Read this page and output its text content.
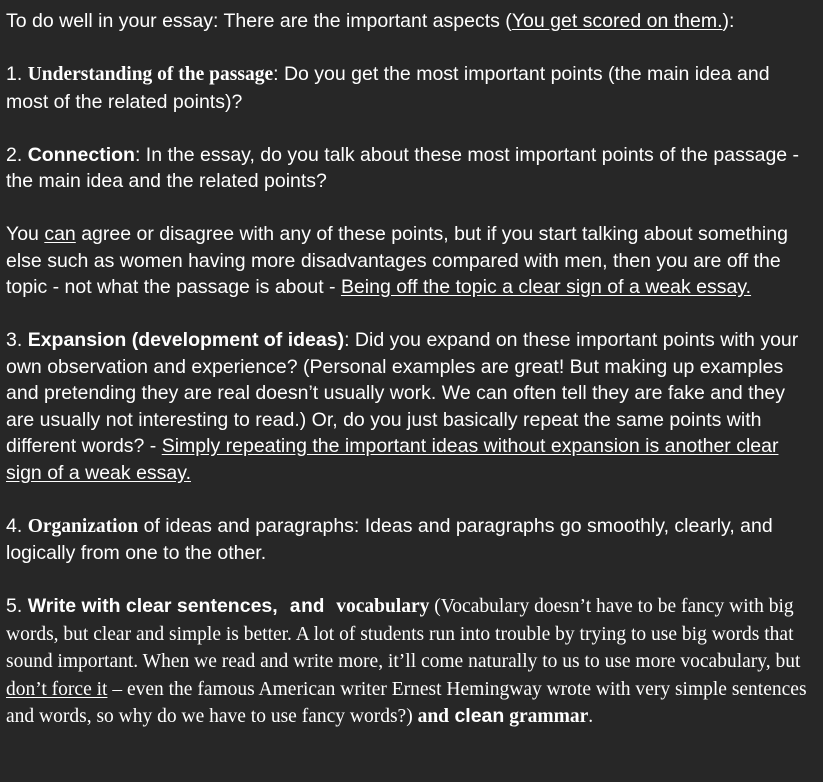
To do well in your essay: There are the important aspects (You get scored on them.):

1. Understanding of the passage: Do you get the most important points (the main idea and most of the related points)?

2. Connection: In the essay, do you talk about these most important points of the passage - the main idea and the related points?

You can agree or disagree with any of these points, but if you start talking about something else such as women having more disadvantages compared with men, then you are off the topic - not what the passage is about - Being off the topic a clear sign of a weak essay.

3. Expansion (development of ideas): Did you expand on these important points with your own observation and experience? (Personal examples are great! But making up examples and pretending they are real doesn’t usually work. We can often tell they are fake and they are usually not interesting to read.) Or, do you just basically repeat the same points with different words? - Simply repeating the important ideas without expansion is another clear sign of a weak essay.

4. Organization of ideas and paragraphs: Ideas and paragraphs go smoothly, clearly, and logically from one to the other.

5. Write with clear sentences, and vocabulary (Vocabulary doesn’t have to be fancy with big words, but clear and simple is better. A lot of students run into trouble by trying to use big words that sound important. When we read and write more, it’ll come naturally to us to use more vocabulary, but don’t force it – even the famous American writer Ernest Hemingway wrote with very simple sentences and words, so why do we have to use fancy words?) and clean grammar.
